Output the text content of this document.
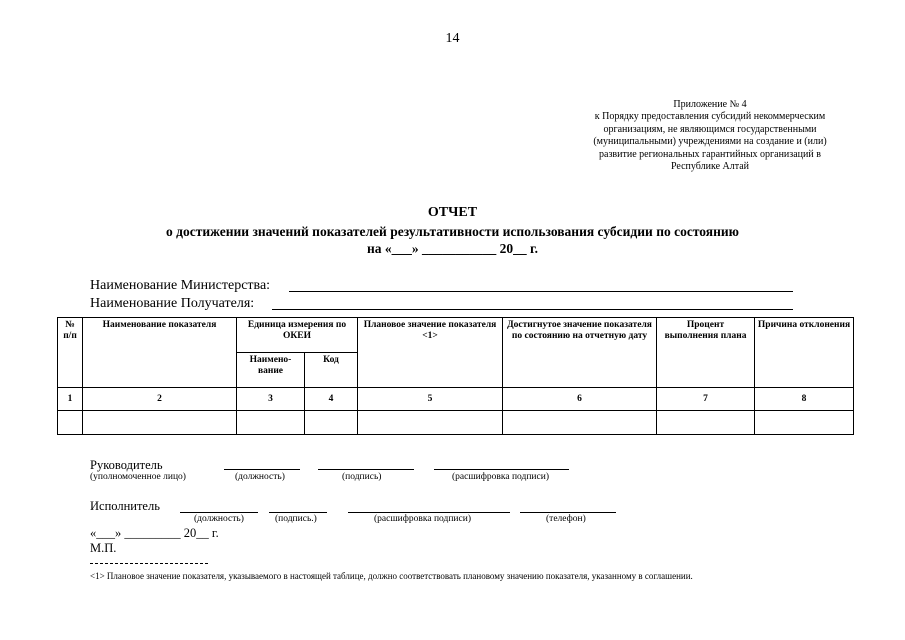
14
Приложение № 4
к Порядку предоставления субсидий некоммерческим
организациям, не являющимся государственными
(муниципальными) учреждениями на создание и (или)
развитие региональных гарантийных организаций в
Республике Алтай
ОТЧЕТ
о достижении значений показателей результативности использования субсидии по состоянию
на «___» ___________ 20__ г.
Наименование Министерства:
Наименование Получателя:
№ п/п	Наименование показателя	Единица измерения по ОКЕИ		Плановое значение показателя <1>	Достигнутое значение показателя по состоянию на отчетную дату	Процент выполнения плана	Причина отклонения
		Наимено-вание	Код				
1	2	3	4	5	6	7	8

Руководитель
(уполномоченное лицо)	(должность)	(подпись)	(расшифровка подписи)
Исполнитель
(должность)	(подпись.)	(расшифровка подписи)	(телефон)
«___» _________ 20__ г.
М.П.
<1> Плановое значение показателя, указываемого в настоящей таблице, должно соответствовать плановому значению показателя, указанному в соглашении.
